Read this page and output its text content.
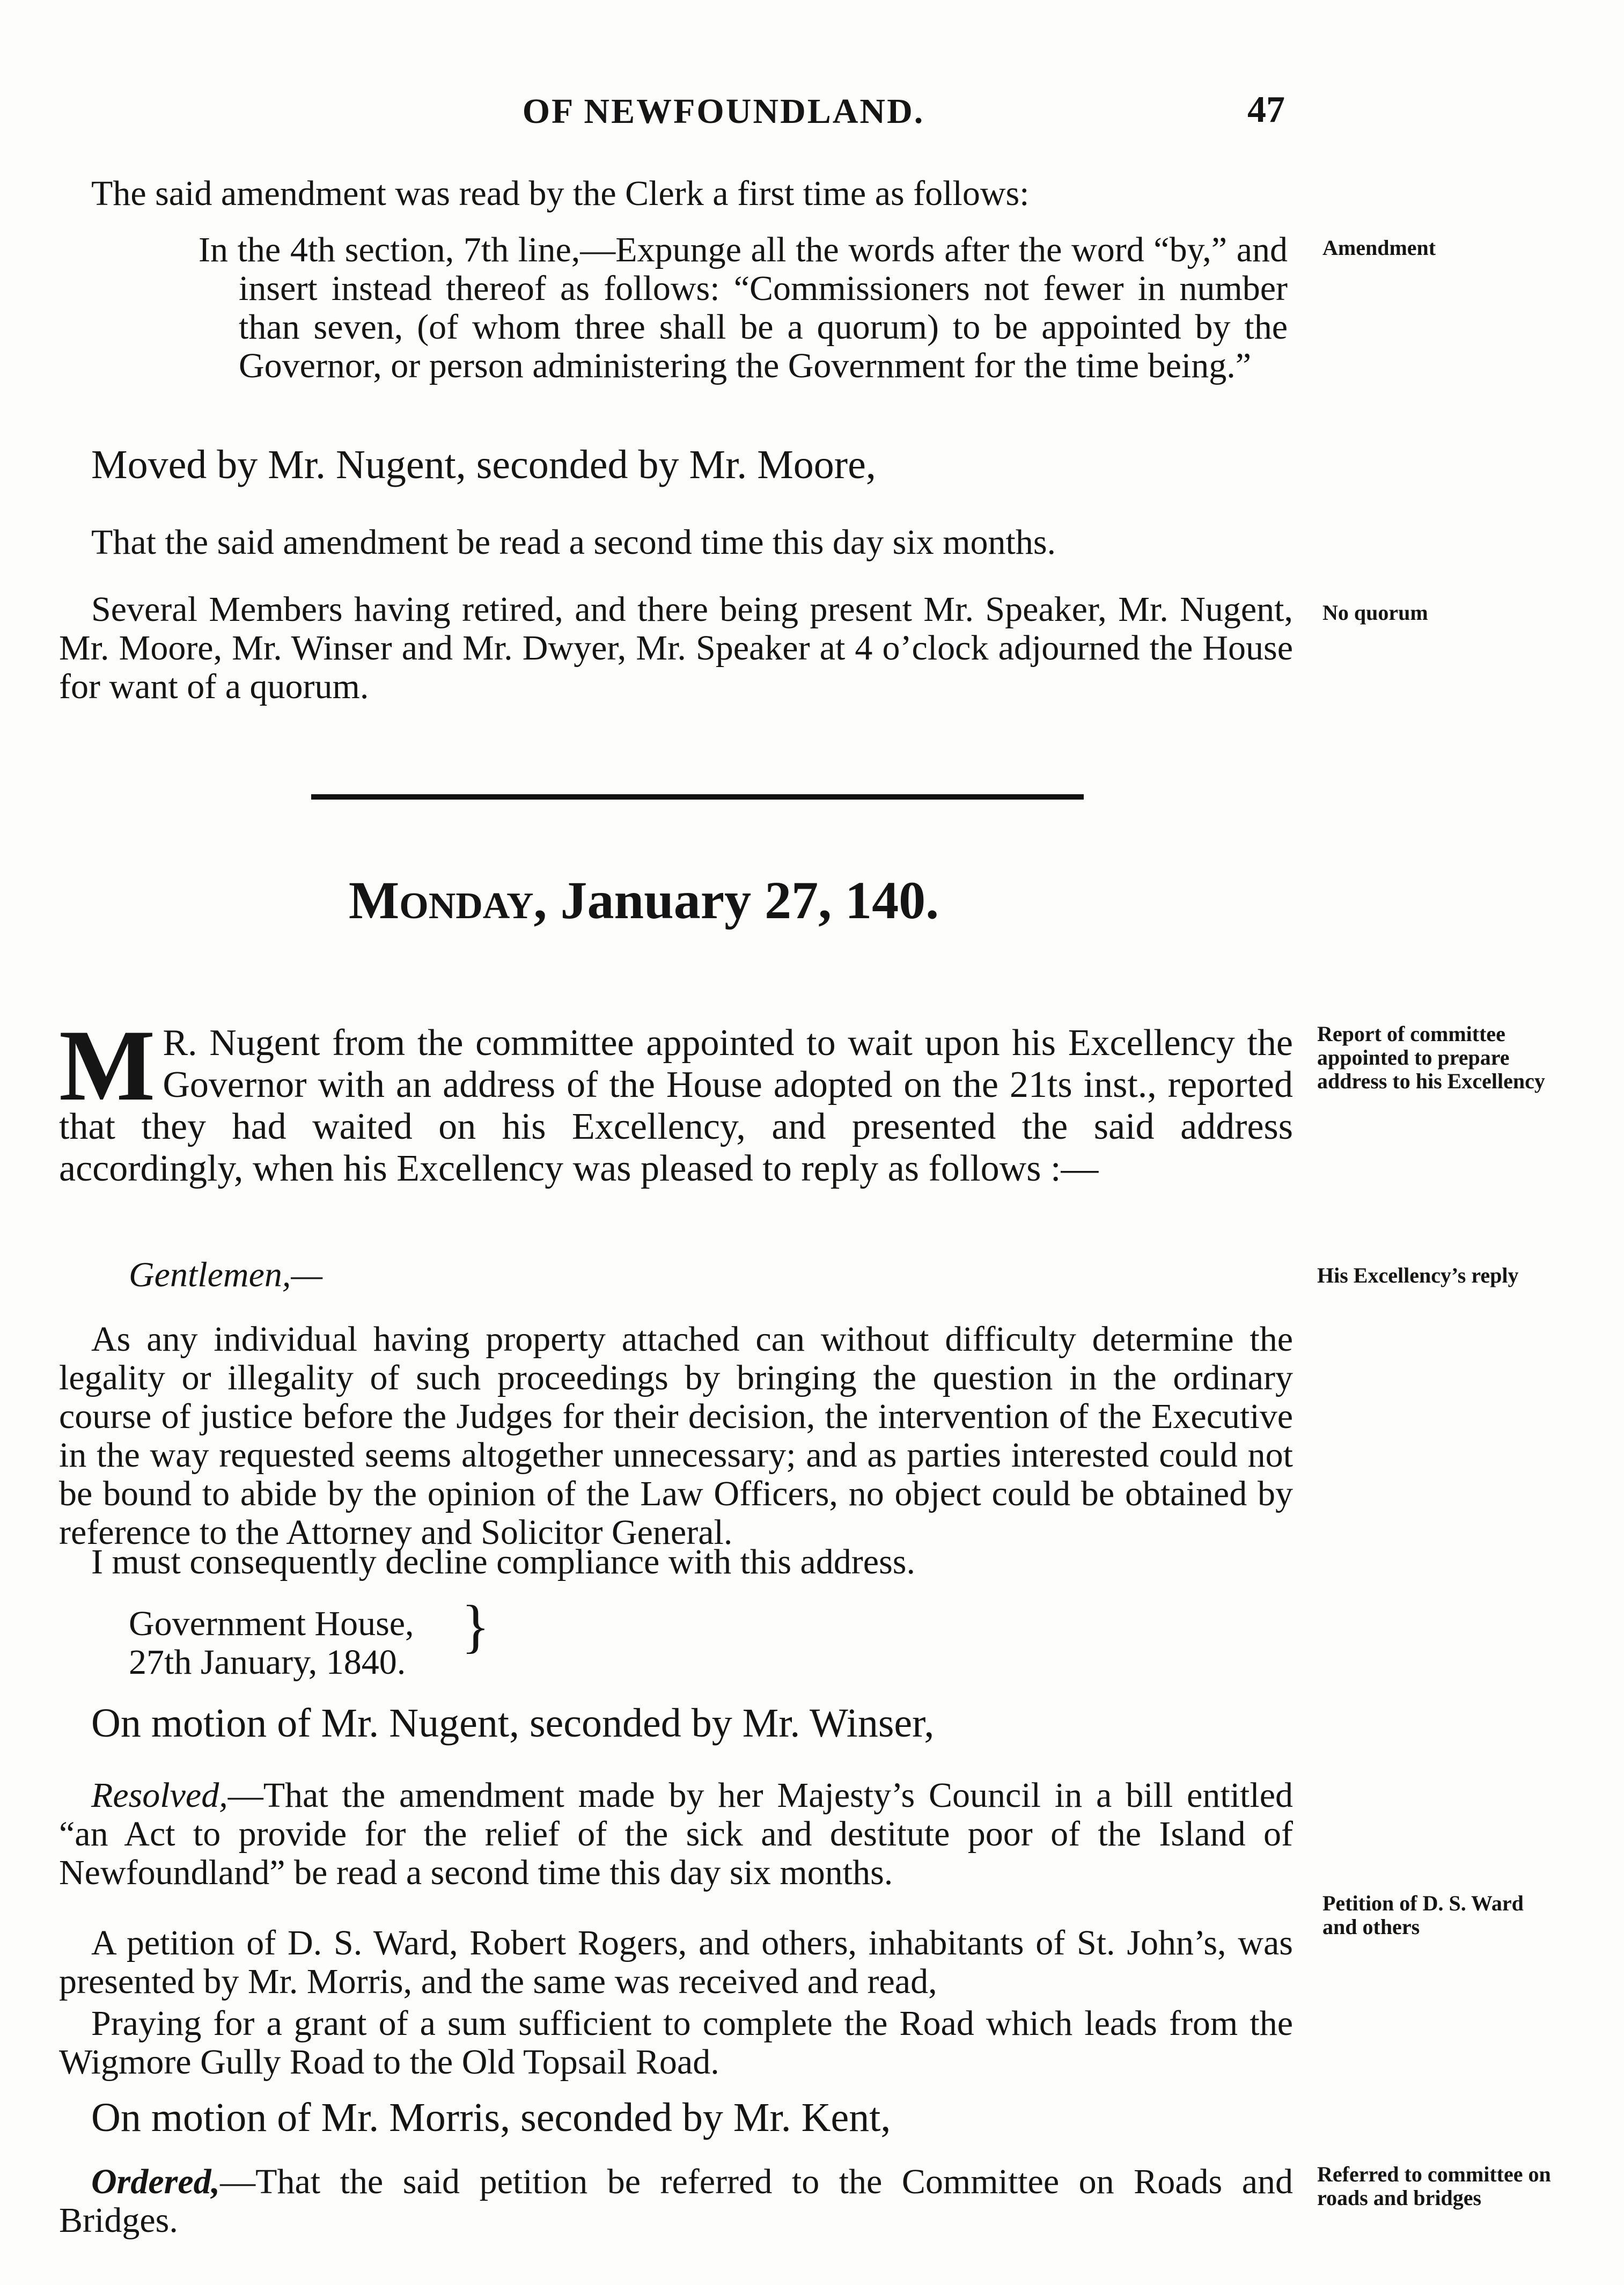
OF NEWFOUNDLAND.	47

The said amendment was read by the Clerk a first time as follows:

In the 4th section, 7th line,—Expunge all the words after the word “by,” and insert instead thereof as follows: “Commissioners not fewer in number than seven, (of whom three shall be a quorum) to be appointed by the Governor, or person administering the Government for the time being.”

Amendment

Moved by Mr. Nugent, seconded by Mr. Moore,

That the said amendment be read a second time this day six months.

Several Members having retired, and there being present Mr. Speaker, Mr. Nugent, Mr. Moore, Mr. Winser and Mr. Dwyer, Mr. Speaker at 4 o’clock adjourned the House for want of a quorum.

No quorum
Monday, January 27, 140.
M R. Nugent from the committee appointed to wait upon his Excellency the Governor with an address of the House adopted on the 21ts inst., reported that they had waited on his Excellency, and presented the said address accordingly, when his Excellency was pleased to reply as follows :—
Report of committee appointed to prepare address to his Excellency

Gentlemen,—	His Excellency’s reply

As any individual having property attached can without difficulty determine the legality or illegality of such proceedings by bringing the question in the ordinary course of justice before the Judges for their decision, the intervention of the Executive in the way requested seems altogether unnecessary; and as parties interested could not be bound to abide by the opinion of the Law Officers, no object could be obtained by reference to the Attorney and Solicitor General.

I must consequently decline compliance with this address.

Government House,
27th January, 1840.
}

On motion of Mr. Nugent, seconded by Mr. Winser,

Resolved,—That the amendment made by her Majesty’s Council in a bill entitled “an Act to provide for the relief of the sick and destitute poor of the Island of Newfoundland” be read a second time this day six months.

Petition of D. S. Ward and others

A petition of D. S. Ward, Robert Rogers, and others, inhabitants of St. John’s, was presented by Mr. Morris, and the same was received and read,

Praying for a grant of a sum sufficient to complete the Road which leads from the Wigmore Gully Road to the Old Topsail Road.

On motion of Mr. Morris, seconded by Mr. Kent,

Ordered,—That the said petition be referred to the Committee on Roads and Bridges.

Referred to committee on roads and bridges
